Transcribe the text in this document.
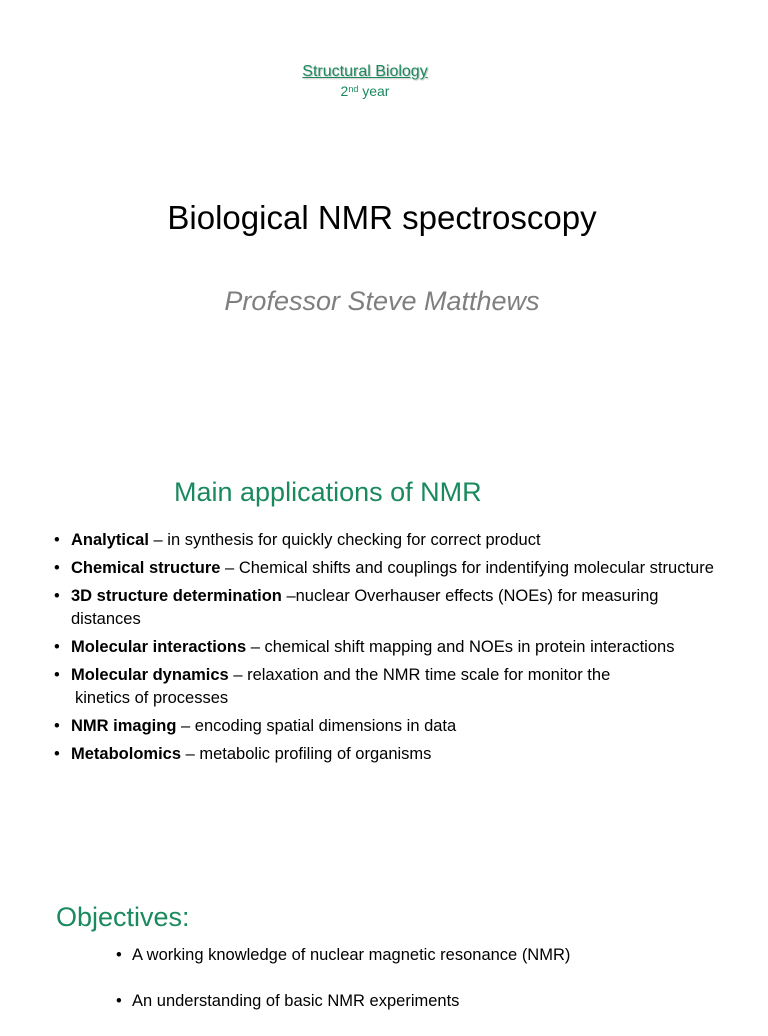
Structural Biology
2nd year
Biological NMR spectroscopy
Professor Steve Matthews
Main applications of NMR
• Analytical – in synthesis for quickly checking for correct product
• Chemical structure – Chemical shifts and couplings for indentifying molecular structure
• 3D structure determination –nuclear Overhauser effects (NOEs) for measuring distances
• Molecular interactions – chemical shift mapping and NOEs in protein interactions
• Molecular dynamics – relaxation and the NMR time scale for monitor the
kinetics of processes
• NMR imaging – encoding spatial dimensions in data
• Metabolomics – metabolic profiling of organisms
Objectives:
• A working knowledge of nuclear magnetic resonance (NMR)
• An understanding of basic NMR experiments
